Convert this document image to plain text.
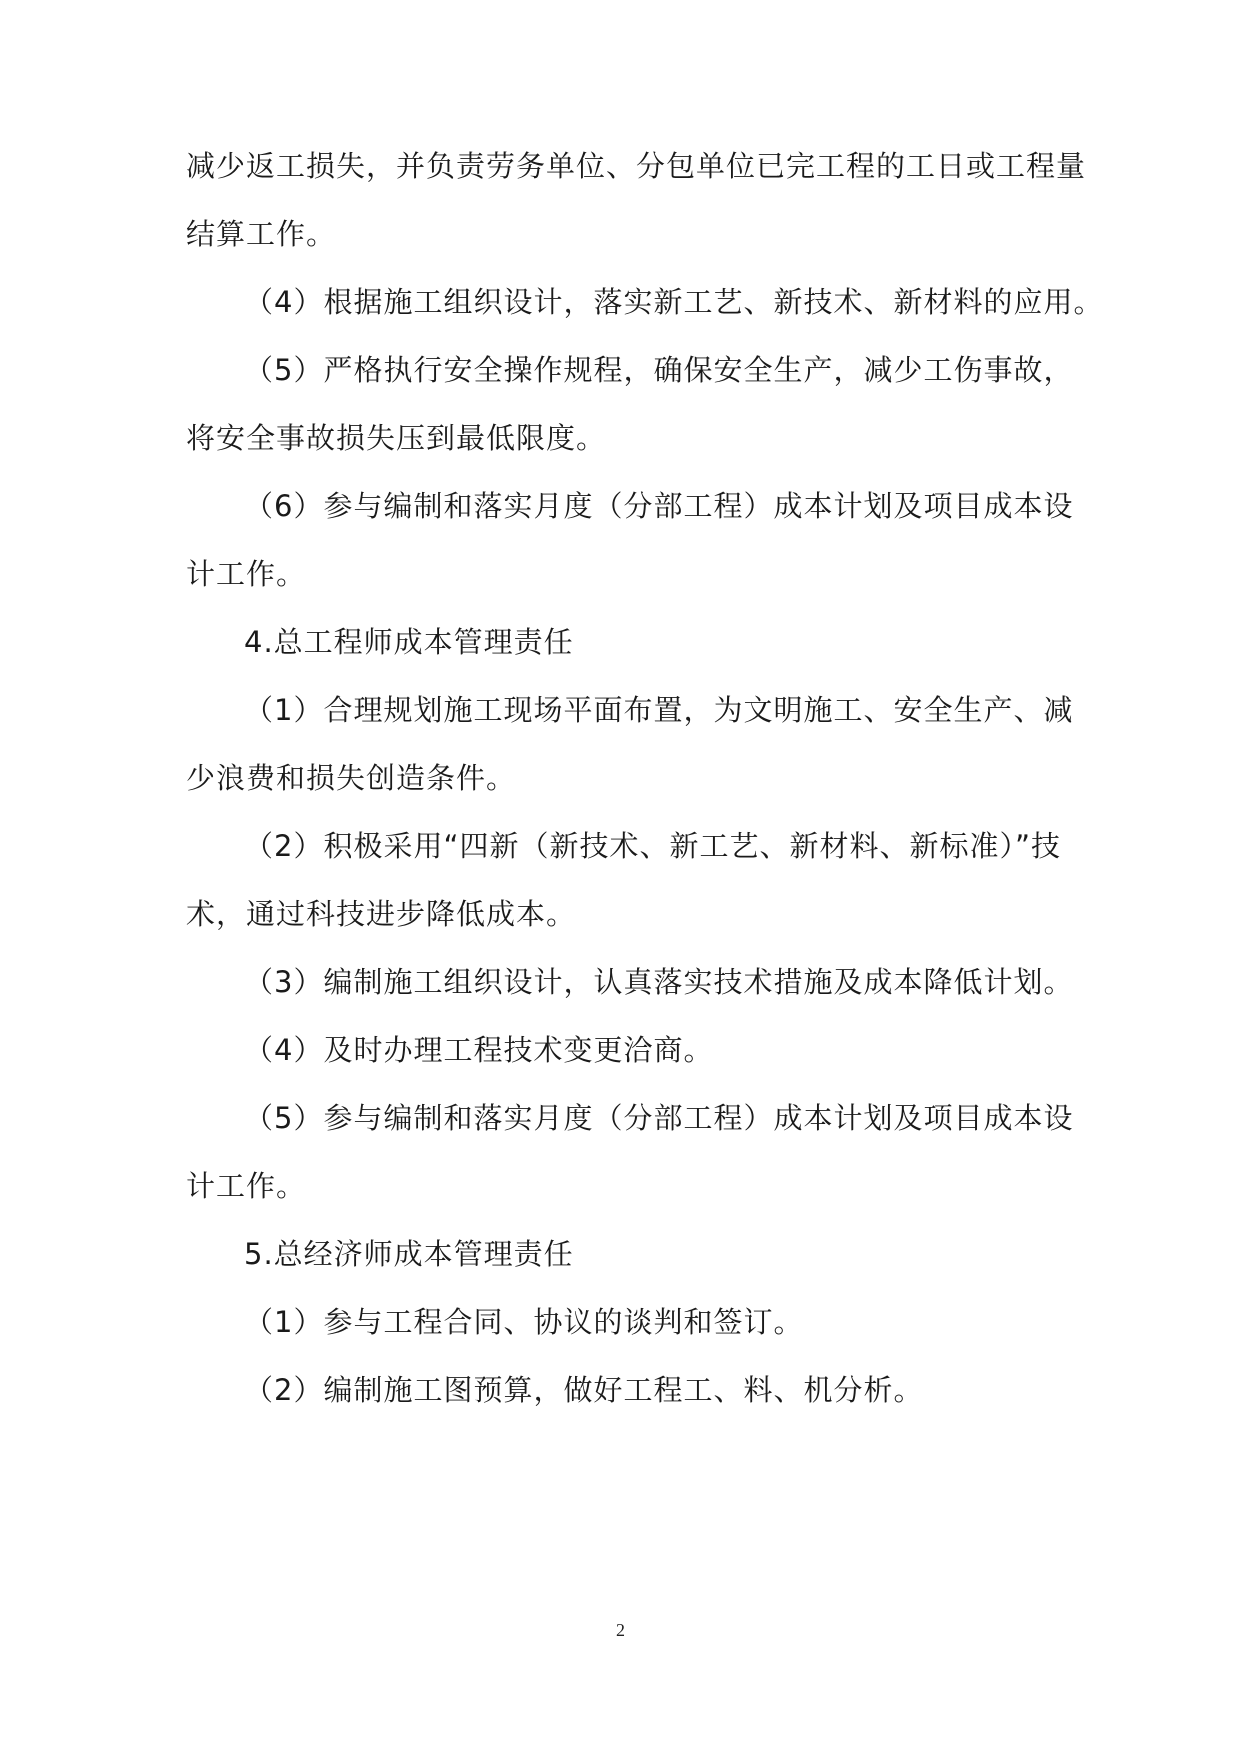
减少返工损失，并负责劳务单位、分包单位已完工程的工日或工程量
结算工作。
（4）根据施工组织设计，落实新工艺、新技术、新材料的应用。
（5）严格执行安全操作规程，确保安全生产，减少工伤事故，
将安全事故损失压到最低限度。
（6）参与编制和落实月度（分部工程）成本计划及项目成本设
计工作。
4.总工程师成本管理责任
（1）合理规划施工现场平面布置，为文明施工、安全生产、减
少浪费和损失创造条件。
（2）积极采用“四新（新技术、新工艺、新材料、新标准）”技
术，通过科技进步降低成本。
（3）编制施工组织设计，认真落实技术措施及成本降低计划。
（4）及时办理工程技术变更洽商。
（5）参与编制和落实月度（分部工程）成本计划及项目成本设
计工作。
5.总经济师成本管理责任
（1）参与工程合同、协议的谈判和签订。
（2）编制施工图预算，做好工程工、料、机分析。
2
